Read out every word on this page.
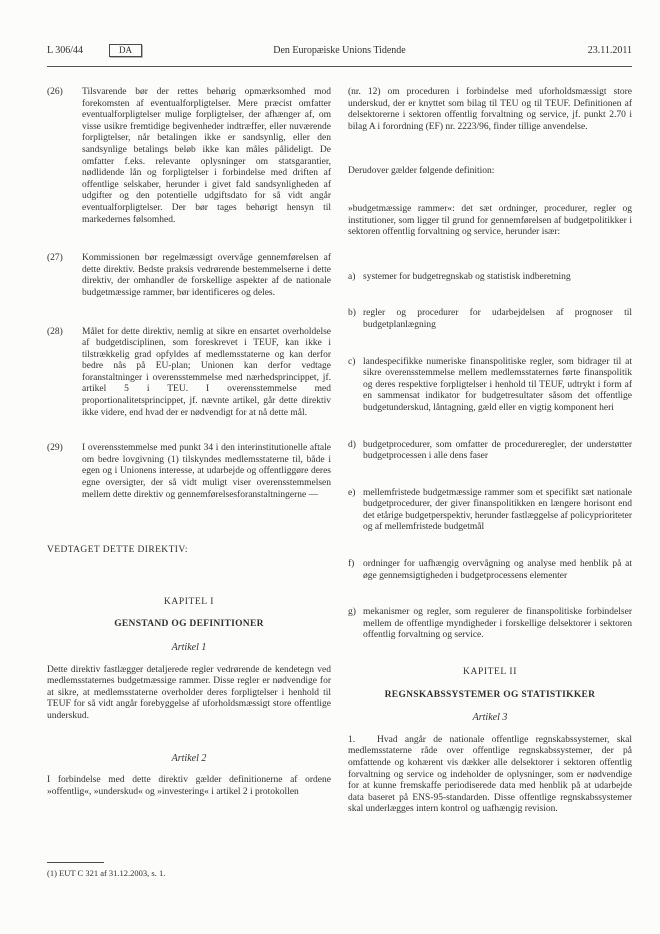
L 306/44	DA	Den Europæiske Unions Tidende	23.11.2011
(26)	Tilsvarende bør der rettes behørig opmærksomhed mod forekomsten af eventualforpligtelser. Mere præcist omfatter eventualforpligtelser mulige forpligtelser, der afhænger af, om visse usikre fremtidige begivenheder indtræffer, eller nuværende forpligtelser, når betalingen ikke er sandsynlig, eller den sandsynlige betalings beløb ikke kan måles pålideligt. De omfatter f.eks. relevante oplysninger om statsgarantier, nødlidende lån og forpligtelser i forbindelse med driften af offentlige selskaber, herunder i givet fald sandsynligheden af udgifter og den potentielle udgiftsdato for så vidt angår eventualforpligtelser. Der bør tages behørigt hensyn til markedernes følsomhed.

(27)	Kommissionen bør regelmæssigt overvåge gennemførelsen af dette direktiv. Bedste praksis vedrørende bestemmelserne i dette direktiv, der omhandler de forskellige aspekter af de nationale budgetmæssige rammer, bør identificeres og deles.

(28)	Målet for dette direktiv, nemlig at sikre en ensartet overholdelse af budgetdisciplinen, som foreskrevet i TEUF, kan ikke i tilstrækkelig grad opfyldes af medlemsstaterne og kan derfor bedre nås på EU-plan; Unionen kan derfor vedtage foranstaltninger i overensstemmelse med nærhedsprincippet, jf. artikel 5 i TEU. I overensstemmelse med proportionalitetsprincippet, jf. nævnte artikel, går dette direktiv ikke videre, end hvad der er nødvendigt for at nå dette mål.

(29)	I overensstemmelse med punkt 34 i den interinstitutionelle aftale om bedre lovgivning (1) tilskyndes medlemsstaterne til, både i egen og i Unionens interesse, at udarbejde og offentliggøre deres egne oversigter, der så vidt muligt viser overensstemmelsen mellem dette direktiv og gennemførelsesforanstaltningerne —

VEDTAGET DETTE DIREKTIV:

KAPITEL I
GENSTAND OG DEFINITIONER
Artikel 1

Dette direktiv fastlægger detaljerede regler vedrørende de kendetegn ved medlemsstaternes budgetmæssige rammer. Disse regler er nødvendige for at sikre, at medlemsstaterne overholder deres forpligtelser i henhold til TEUF for så vidt angår forebyggelse af uforholdsmæssigt store offentlige underskud.

Artikel 2

I forbindelse med dette direktiv gælder definitionerne af ordene »offentlig«, »underskud« og »investering« i artikel 2 i protokollen

(1) EUT C 321 af 31.12.2003, s. 1.

(nr. 12) om proceduren i forbindelse med uforholdsmæssigt store underskud, der er knyttet som bilag til TEU og til TEUF. Definitionen af delsektorerne i sektoren offentlig forvaltning og service, jf. punkt 2.70 i bilag A i forordning (EF) nr. 2223/96, finder tillige anvendelse.

Derudover gælder følgende definition:

»budgetmæssige rammer«: det sæt ordninger, procedurer, regler og institutioner, som ligger til grund for gennemførelsen af budgetpolitikker i sektoren offentlig forvaltning og service, herunder især:

a) systemer for budgetregnskab og statistisk indberetning

b) regler og procedurer for udarbejdelsen af prognoser til budgetplanlægning

c) landespecifikke numeriske finanspolitiske regler, som bidrager til at sikre overensstemmelse mellem medlemsstaternes førte finanspolitik og deres respektive forpligtelser i henhold til TEUF, udtrykt i form af en sammensat indikator for budgetresultater såsom det offentlige budgetunderskud, låntagning, gæld eller en vigtig komponent heri

d) budgetprocedurer, som omfatter de procedureregler, der understøtter budgetprocessen i alle dens faser

e) mellemfristede budgetmæssige rammer som et specifikt sæt nationale budgetprocedurer, der giver finanspolitikken en længere horisont end det etårige budgetperspektiv, herunder fastlæggelse af policyprioriteter og af mellemfristede budgetmål

f) ordninger for uafhængig overvågning og analyse med henblik på at øge gennemsigtigheden i budgetprocessens elementer

g) mekanismer og regler, som regulerer de finanspolitiske forbindelser mellem de offentlige myndigheder i forskellige delsektorer i sektoren offentlig forvaltning og service.

KAPITEL II
REGNSKABSSYSTEMER OG STATISTIKKER
Artikel 3

1.   Hvad angår de nationale offentlige regnskabssystemer, skal medlemsstaterne råde over offentlige regnskabssystemer, der på omfattende og kohærent vis dækker alle delsektorer i sektoren offentlig forvaltning og service og indeholder de oplysninger, som er nødvendige for at kunne fremskaffe periodiserede data med henblik på at udarbejde data baseret på ENS-95-standarden. Disse offentlige regnskabssystemer skal underlægges intern kontrol og uafhængig revision.
